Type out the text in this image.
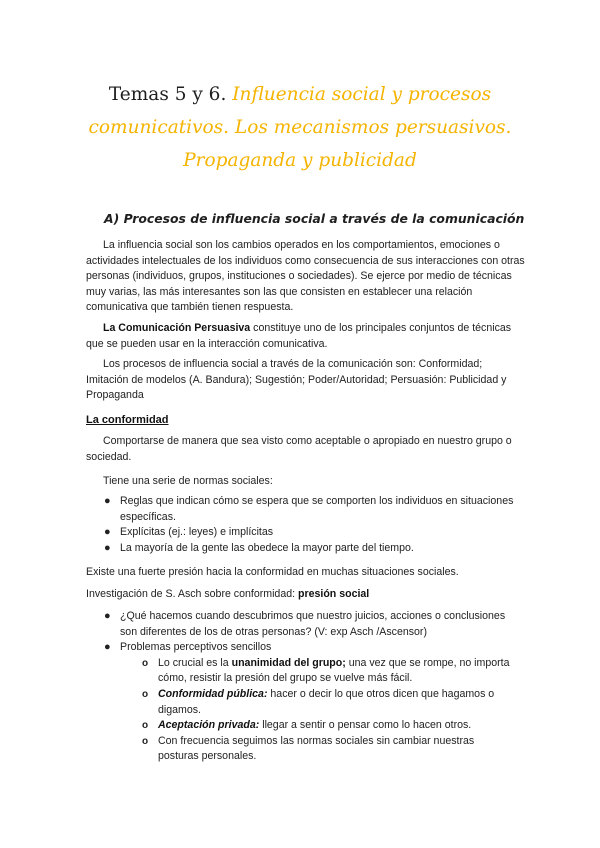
Temas 5 y 6. Influencia social y procesos comunicativos. Los mecanismos persuasivos. Propaganda y publicidad
A) Procesos de influencia social a través de la comunicación
La influencia social son los cambios operados en los comportamientos, emociones o actividades intelectuales de los individuos como consecuencia de sus interacciones con otras personas (individuos, grupos, instituciones o sociedades). Se ejerce por medio de técnicas muy varias, las más interesantes son las que consisten en establecer una relación comunicativa que también tienen respuesta.
La Comunicación Persuasiva constituye uno de los principales conjuntos de técnicas que se pueden usar en la interacción comunicativa.
Los procesos de influencia social a través de la comunicación son: Conformidad; Imitación de modelos (A. Bandura); Sugestión; Poder/Autoridad; Persuasión: Publicidad y Propaganda
La conformidad
Comportarse de manera que sea visto como aceptable o apropiado en nuestro grupo o sociedad.
Tiene una serie de normas sociales:
● Reglas que indican cómo se espera que se comporten los individuos en situaciones específicas.
● Explícitas (ej.: leyes) e implícitas
● La mayoría de la gente las obedece la mayor parte del tiempo.
Existe una fuerte presión hacia la conformidad en muchas situaciones sociales.
Investigación de S. Asch sobre conformidad: presión social
● ¿Qué hacemos cuando descubrimos que nuestro juicios, acciones o conclusiones son diferentes de los de otras personas? (V: exp Asch /Ascensor)
● Problemas perceptivos sencillos
o Lo crucial es la unanimidad del grupo; una vez que se rompe, no importa cómo, resistir la presión del grupo se vuelve más fácil.
o Conformidad pública: hacer o decir lo que otros dicen que hagamos o digamos.
o Aceptación privada: llegar a sentir o pensar como lo hacen otros.
o Con frecuencia seguimos las normas sociales sin cambiar nuestras posturas personales.
